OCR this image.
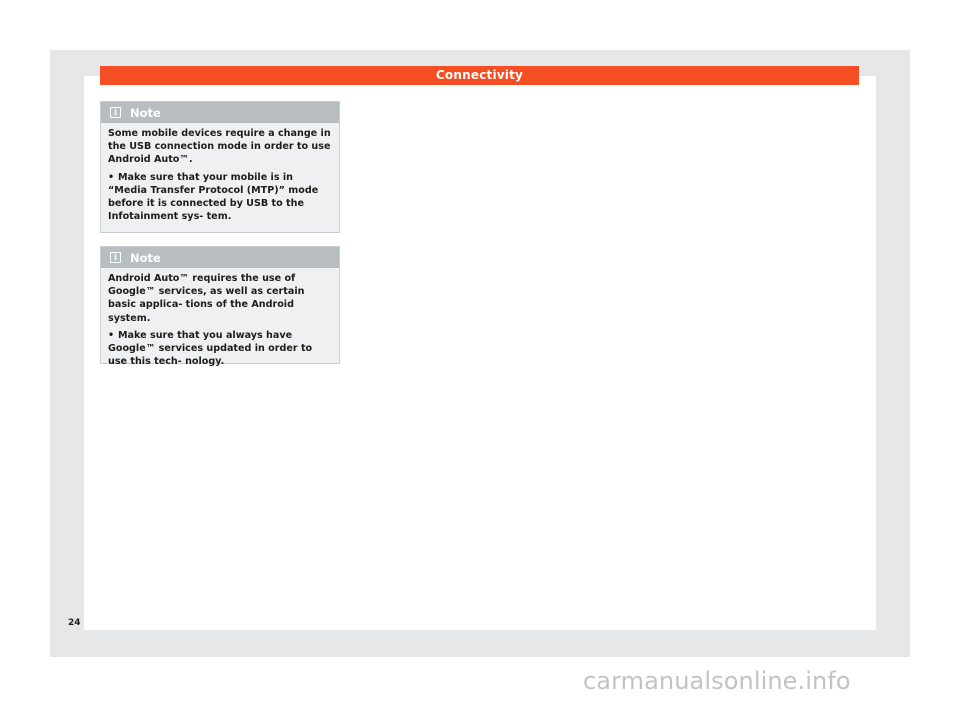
Connectivity
i	Note

Some mobile devices require a change in the USB connection mode in order to use Android Auto™.

• Make sure that your mobile is in “Media Transfer Protocol (MTP)” mode before it is connected by USB to the Infotainment sys- tem.

i	Note

Android Auto™ requires the use of Google™ services, as well as certain basic applica- tions of the Android system.

• Make sure that you always have Google™ services updated in order to use this tech- nology.

24
carmanualsonline.info
